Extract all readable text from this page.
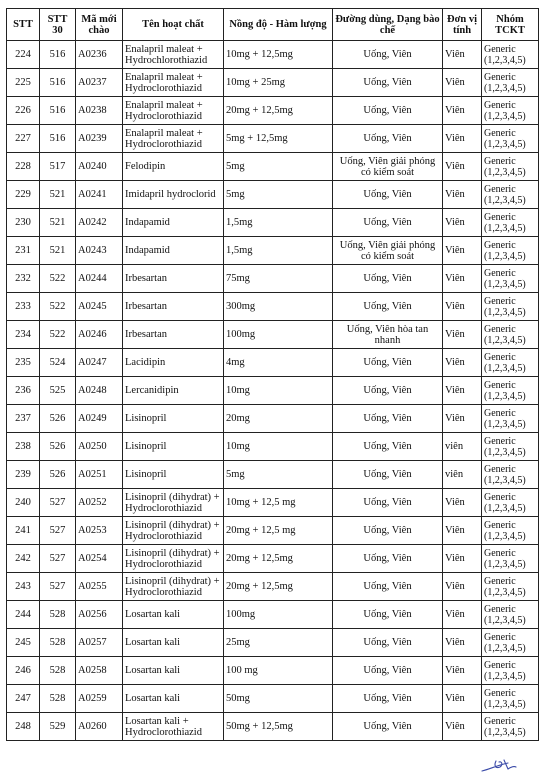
STT	STT 30	Mã mới chào	Tên hoạt chất	Nồng độ - Hàm lượng	Đường dùng, Dạng bào chế	Đơn vị tính	Nhóm TCKT
224	516	A0236	Enalapril maleat + Hydrochlorothiazid	10mg + 12,5mg	Uống, Viên	Viên	Generic (1,2,3,4,5)
225	516	A0237	Enalapril maleat + Hydroclorothiazid	10mg + 25mg	Uống, Viên	Viên	Generic (1,2,3,4,5)
226	516	A0238	Enalapril maleat + Hydroclorothiazid	20mg + 12,5mg	Uống, Viên	Viên	Generic (1,2,3,4,5)
227	516	A0239	Enalapril maleat + Hydroclorothiazid	5mg + 12,5mg	Uống, Viên	Viên	Generic (1,2,3,4,5)
228	517	A0240	Felodipin	5mg	Uống, Viên giải phóng có kiểm soát	Viên	Generic (1,2,3,4,5)
229	521	A0241	Imidapril hydroclorid	5mg	Uống, Viên	Viên	Generic (1,2,3,4,5)
230	521	A0242	Indapamid	1,5mg	Uống, Viên	Viên	Generic (1,2,3,4,5)
231	521	A0243	Indapamid	1,5mg	Uống, Viên giải phóng có kiểm soát	Viên	Generic (1,2,3,4,5)
232	522	A0244	Irbesartan	75mg	Uống, Viên	Viên	Generic (1,2,3,4,5)
233	522	A0245	Irbesartan	300mg	Uống, Viên	Viên	Generic (1,2,3,4,5)
234	522	A0246	Irbesartan	100mg	Uống, Viên hòa tan nhanh	Viên	Generic (1,2,3,4,5)
235	524	A0247	Lacidipin	4mg	Uống, Viên	Viên	Generic (1,2,3,4,5)
236	525	A0248	Lercanidipin	10mg	Uống, Viên	Viên	Generic (1,2,3,4,5)
237	526	A0249	Lisinopril	20mg	Uống, Viên	Viên	Generic (1,2,3,4,5)
238	526	A0250	Lisinopril	10mg	Uống, Viên	viên	Generic (1,2,3,4,5)
239	526	A0251	Lisinopril	5mg	Uống, Viên	viên	Generic (1,2,3,4,5)
240	527	A0252	Lisinopril (dihydrat) + Hydroclorothiazid	10mg + 12,5 mg	Uống, Viên	Viên	Generic (1,2,3,4,5)
241	527	A0253	Lisinopril (dihydrat) + Hydroclorothiazid	20mg + 12,5 mg	Uống, Viên	Viên	Generic (1,2,3,4,5)
242	527	A0254	Lisinopril (dihydrat) + Hydroclorothiazid	20mg + 12,5mg	Uống, Viên	Viên	Generic (1,2,3,4,5)
243	527	A0255	Lisinopril (dihydrat) + Hydroclorothiazid	20mg + 12,5mg	Uống, Viên	Viên	Generic (1,2,3,4,5)
244	528	A0256	Losartan kali	100mg	Uống, Viên	Viên	Generic (1,2,3,4,5)
245	528	A0257	Losartan kali	25mg	Uống, Viên	Viên	Generic (1,2,3,4,5)
246	528	A0258	Losartan kali	100 mg	Uống, Viên	Viên	Generic (1,2,3,4,5)
247	528	A0259	Losartan kali	50mg	Uống, Viên	Viên	Generic (1,2,3,4,5)
248	529	A0260	Losartan kali + Hydroclorothiazid	50mg + 12,5mg	Uống, Viên	Viên	Generic (1,2,3,4,5)
